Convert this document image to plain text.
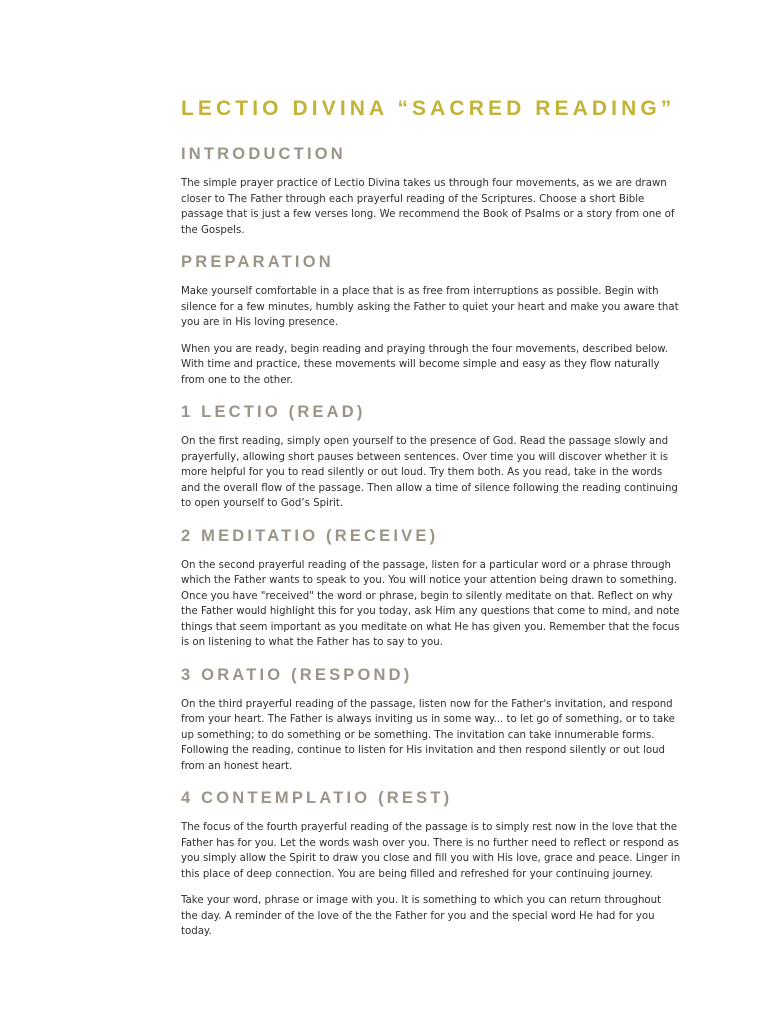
LECTIO DIVINA “SACRED READING”
INTRODUCTION

The simple prayer practice of Lectio Divina takes us through four movements, as we are drawn closer to The Father through each prayerful reading of the Scriptures. Choose a short Bible passage that is just a few verses long. We recommend the Book of Psalms or a story from one of the Gospels.

PREPARATION

Make yourself comfortable in a place that is as free from interruptions as possible. Begin with silence for a few minutes, humbly asking the Father to quiet your heart and make you aware that you are in His loving presence.

When you are ready, begin reading and praying through the four movements, described below. With time and practice, these movements will become simple and easy as they flow naturally from one to the other.

1 LECTIO (READ)

On the first reading, simply open yourself to the presence of God. Read the passage slowly and prayerfully, allowing short pauses between sentences. Over time you will discover whether it is more helpful for you to read silently or out loud. Try them both. As you read, take in the words and the overall flow of the passage. Then allow a time of silence following the reading continuing to open yourself to God’s Spirit.

2 MEDITATIO (RECEIVE)

On the second prayerful reading of the passage, listen for a particular word or a phrase through which the Father wants to speak to you. You will notice your attention being drawn to something. Once you have "received" the word or phrase, begin to silently meditate on that. Reflect on why the Father would highlight this for you today, ask Him any questions that come to mind, and note things that seem important as you meditate on what He has given you. Remember that the focus is on listening to what the Father has to say to you.

3 ORATIO (RESPOND)

On the third prayerful reading of the passage, listen now for the Father's invitation, and respond from your heart. The Father is always inviting us in some way... to let go of something, or to take up something; to do something or be something. The invitation can take innumerable forms. Following the reading, continue to listen for His invitation and then respond silently or out loud from an honest heart.

4 CONTEMPLATIO (REST)

The focus of the fourth prayerful reading of the passage is to simply rest now in the love that the Father has for you. Let the words wash over you. There is no further need to reflect or respond as you simply allow the Spirit to draw you close and fill you with His love, grace and peace. Linger in this place of deep connection. You are being filled and refreshed for your continuing journey.

Take your word, phrase or image with you. It is something to which you can return throughout the day. A reminder of the love of the the Father for you and the special word He had for you today.
